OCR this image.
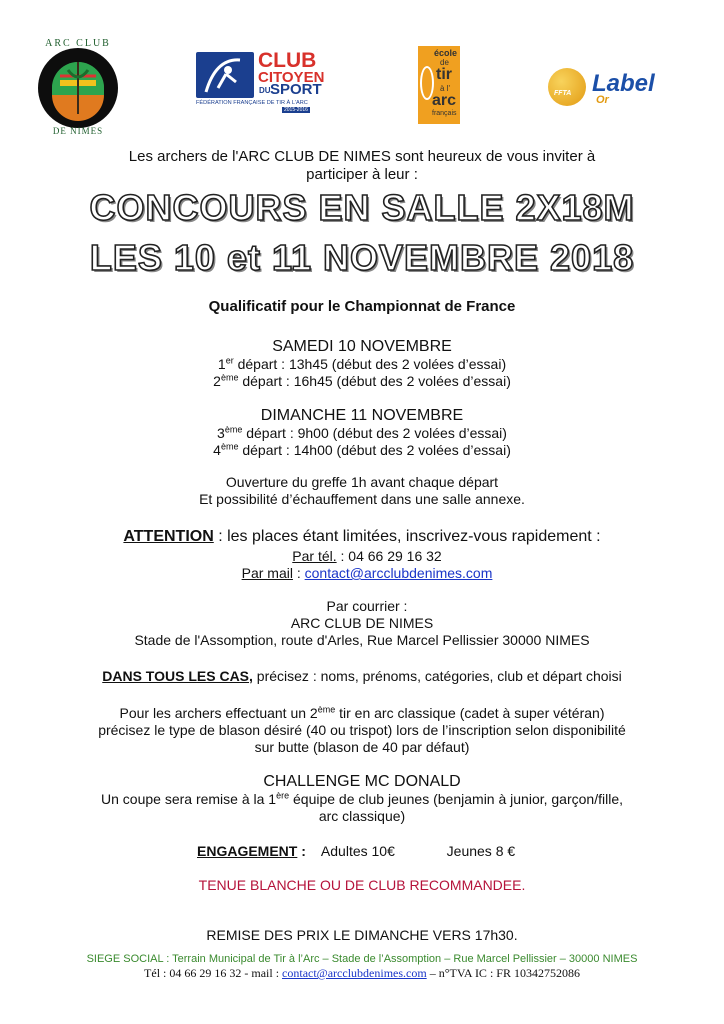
ARC CLUB
DE NIMES
CLUB
CITOYEN
DU SPORT
FÉDÉRATION FRANÇAISE DE TIR À L'ARC
2015-2016
école
de
tir
à l'
arc
français
FFTA Label
Or
Les archers de l'ARC CLUB DE NIMES sont heureux de vous inviter à
participer à leur :
CONCOURS EN SALLE 2X18M
LES 10 et 11 NOVEMBRE 2018
Qualificatif pour le Championnat de France
SAMEDI 10 NOVEMBRE
1er départ : 13h45 (début des 2 volées d’essai)
2ème départ : 16h45 (début des 2 volées d’essai)
DIMANCHE 11 NOVEMBRE
3ème départ : 9h00 (début des 2 volées d’essai)
4ème départ : 14h00 (début des 2 volées d’essai)
Ouverture du greffe 1h avant chaque départ
Et possibilité d’échauffement dans une salle annexe.
ATTENTION : les places étant limitées, inscrivez-vous rapidement :
Par tél. : 04 66 29 16 32
Par mail : contact@arcclubdenimes.com
Par courrier :
ARC CLUB DE NIMES
Stade de l'Assomption, route d'Arles, Rue Marcel Pellissier 30000 NIMES
DANS TOUS LES CAS, précisez : noms, prénoms, catégories, club et départ choisi
Pour les archers effectuant un 2ème tir en arc classique (cadet à super vétéran)
précisez le type de blason désiré (40 ou trispot) lors de l’inscription selon disponibilité
sur butte (blason de 40 par défaut)
CHALLENGE MC DONALD
Un coupe sera remise à la 1ère équipe de club jeunes (benjamin à junior, garçon/fille,
arc classique)
ENGAGEMENT : Adultes 10€	Jeunes 8 €
TENUE BLANCHE OU DE CLUB RECOMMANDEE.
REMISE DES PRIX LE DIMANCHE VERS 17h30.
SIEGE SOCIAL : Terrain Municipal de Tir à l’Arc – Stade de l’Assomption – Rue Marcel Pellissier – 30000 NIMES
Tél : 04 66 29 16 32 - mail : contact@arcclubdenimes.com – n°TVA IC : FR 10342752086
